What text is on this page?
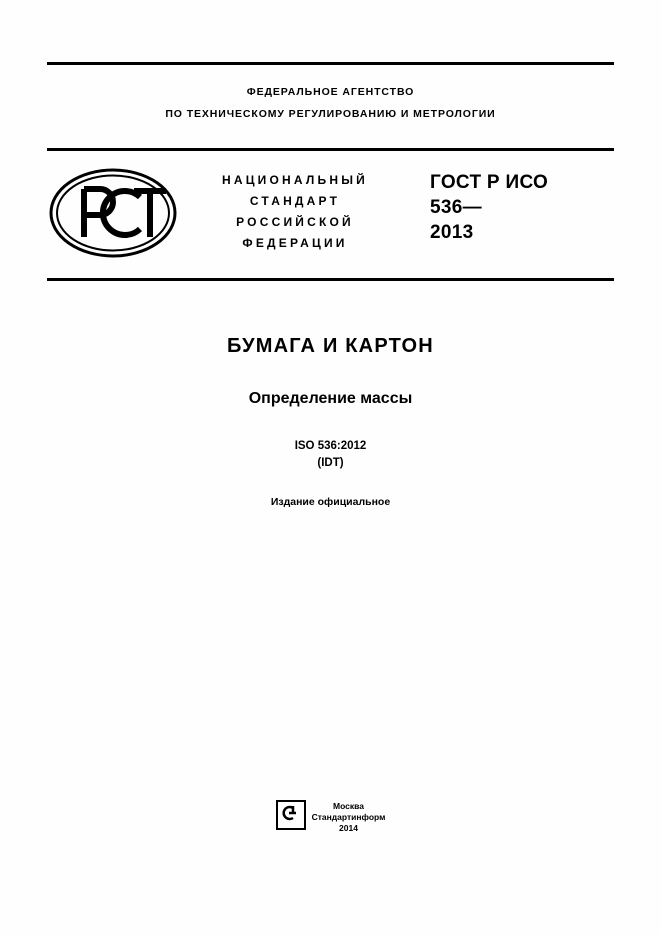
ФЕДЕРАЛЬНОЕ АГЕНТСТВО
ПО ТЕХНИЧЕСКОМУ РЕГУЛИРОВАНИЮ И МЕТРОЛОГИИ
НАЦИОНАЛЬНЫЙ
СТАНДАРТ
РОССИЙСКОЙ
ФЕДЕРАЦИИ
ГОСТ Р ИСО
536—
2013
БУМАГА И КАРТОН
Определение массы
ISO 536:2012
(IDT)
Издание официальное
Москва
Стандартинформ
2014
